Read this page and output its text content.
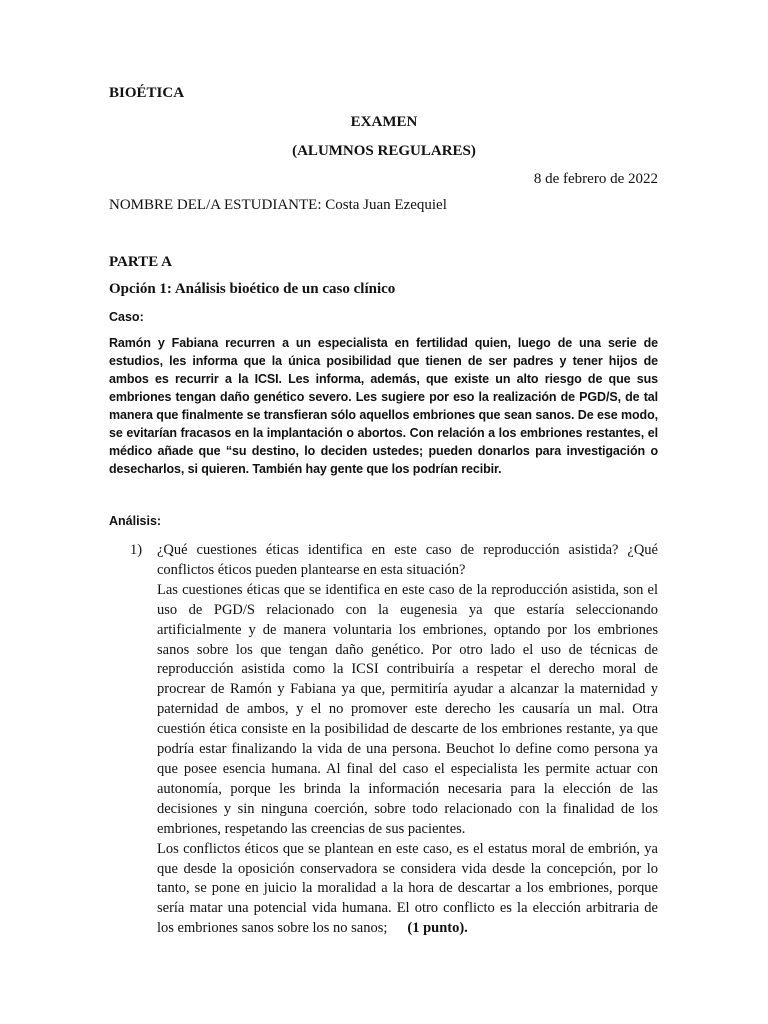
BIOÉTICA
EXAMEN
(ALUMNOS REGULARES)
8 de febrero de 2022
NOMBRE DEL/A ESTUDIANTE: Costa Juan Ezequiel
PARTE A
Opción 1: Análisis bioético de un caso clínico
Caso:
Ramón y Fabiana recurren a un especialista en fertilidad quien, luego de una serie de estudios, les informa que la única posibilidad que tienen de ser padres y tener hijos de ambos es recurrir a la ICSI. Les informa, además, que existe un alto riesgo de que sus embriones tengan daño genético severo. Les sugiere por eso la realización de PGD/S, de tal manera que finalmente se transfieran sólo aquellos embriones que sean sanos. De ese modo, se evitarían fracasos en la implantación o abortos. Con relación a los embriones restantes, el médico añade que “su destino, lo deciden ustedes; pueden donarlos para investigación o desecharlos, si quieren. También hay gente que los podrían recibir.
Análisis:
1) ¿Qué cuestiones éticas identifica en este caso de reproducción asistida? ¿Qué conflictos éticos pueden plantearse en esta situación?

Las cuestiones éticas que se identifica en este caso de la reproducción asistida, son el uso de PGD/S relacionado con la eugenesia ya que estaría seleccionando artificialmente y de manera voluntaria los embriones, optando por los embriones sanos sobre los que tengan daño genético. Por otro lado el uso de técnicas de reproducción asistida como la ICSI contribuiría a respetar el derecho moral de procrear de Ramón y Fabiana ya que, permitiría ayudar a alcanzar la maternidad y paternidad de ambos, y el no promover este derecho les causaría un mal. Otra cuestión ética consiste en la posibilidad de descarte de los embriones restante, ya que podría estar finalizando la vida de una persona. Beuchot lo define como persona ya que posee esencia humana. Al final del caso el especialista les permite actuar con autonomía, porque les brinda la información necesaria para la elección de las decisiones y sin ninguna coerción, sobre todo relacionado con la finalidad de los embriones, respetando las creencias de sus pacientes.

Los conflictos éticos que se plantean en este caso, es el estatus moral de embrión, ya que desde la oposición conservadora se considera vida desde la concepción, por lo tanto, se pone en juicio la moralidad a la hora de descartar a los embriones, porque sería matar una potencial vida humana. El otro conflicto es la elección arbitraria de los embriones sanos sobre los no sanos; (1 punto).
